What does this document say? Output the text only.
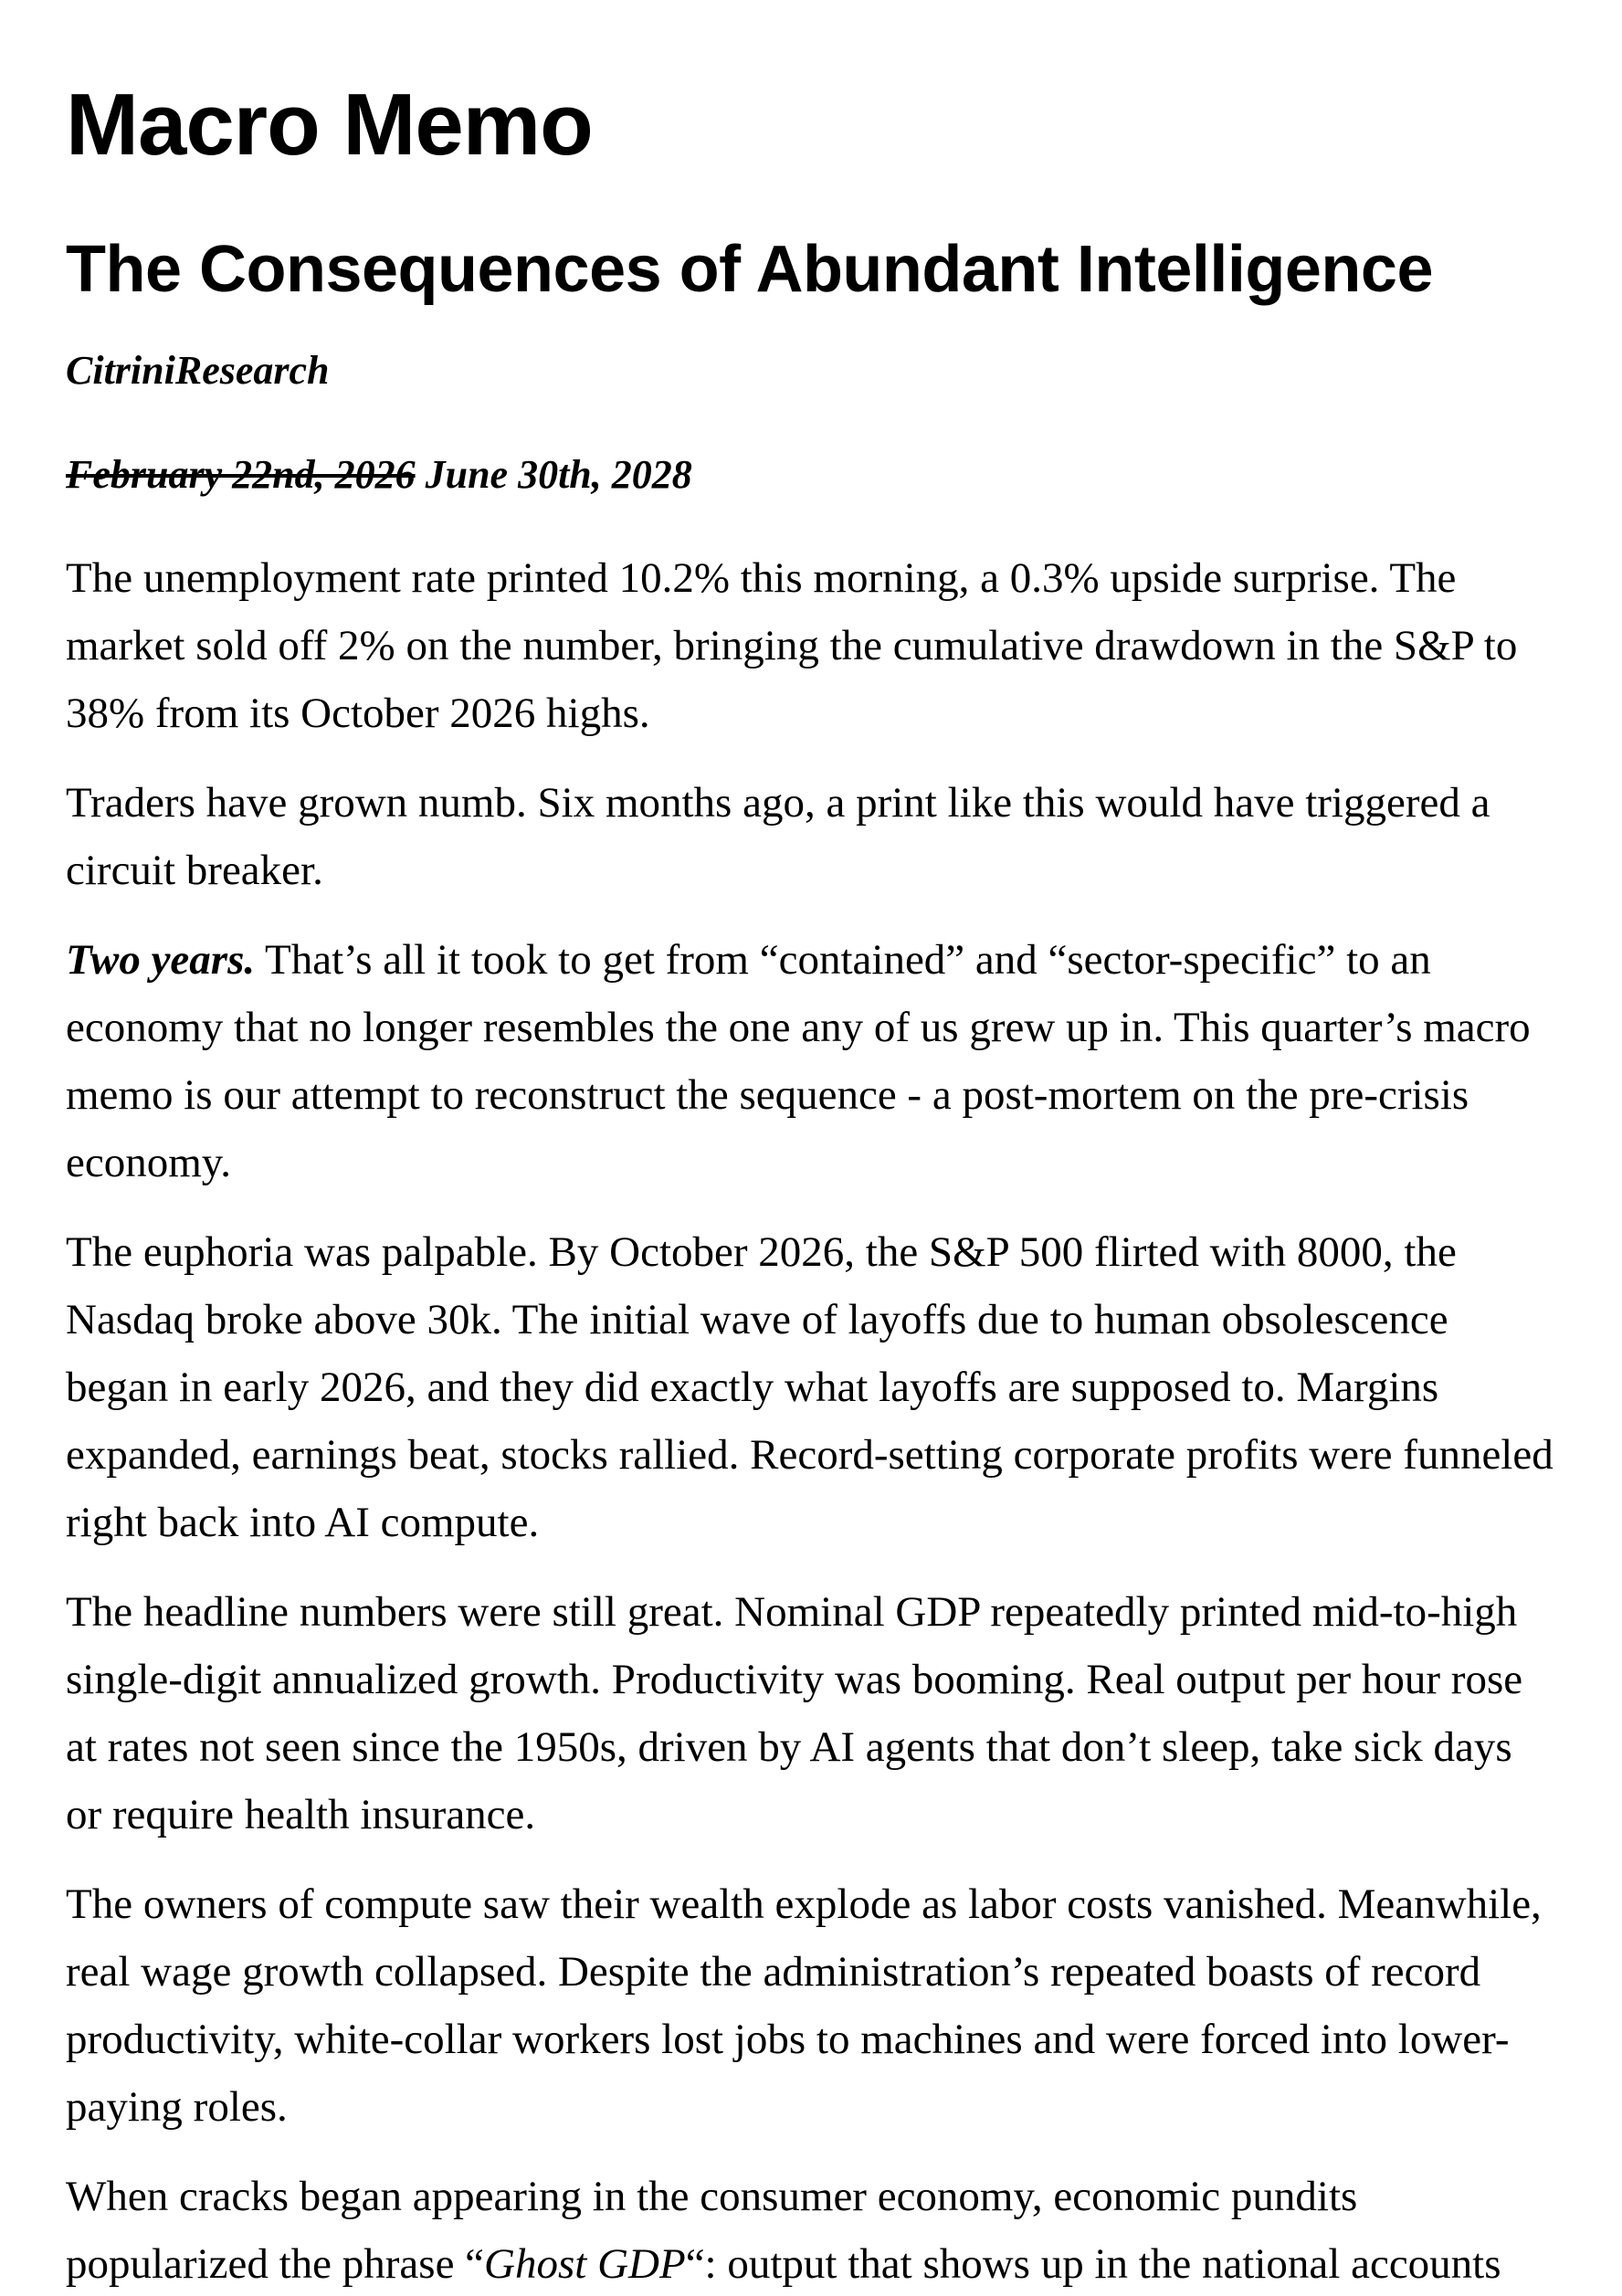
Macro Memo
The Consequences of Abundant Intelligence

CitriniResearch

February 22nd, 2026 June 30th, 2028

The unemployment rate printed 10.2% this morning, a 0.3% upside surprise. The market sold off 2% on the number, bringing the cumulative drawdown in the S&P to 38% from its October 2026 highs.

Traders have grown numb. Six months ago, a print like this would have triggered a circuit breaker.

Two years. That’s all it took to get from “contained” and “sector-specific” to an economy that no longer resembles the one any of us grew up in. This quarter’s macro memo is our attempt to reconstruct the sequence - a post-mortem on the pre-crisis economy.

The euphoria was palpable. By October 2026, the S&P 500 flirted with 8000, the Nasdaq broke above 30k. The initial wave of layoffs due to human obsolescence began in early 2026, and they did exactly what layoffs are supposed to. Margins expanded, earnings beat, stocks rallied. Record-setting corporate profits were funneled right back into AI compute.

The headline numbers were still great. Nominal GDP repeatedly printed mid-to-high single-digit annualized growth. Productivity was booming. Real output per hour rose at rates not seen since the 1950s, driven by AI agents that don’t sleep, take sick days or require health insurance.

The owners of compute saw their wealth explode as labor costs vanished. Meanwhile, real wage growth collapsed. Despite the administration’s repeated boasts of record productivity, white-collar workers lost jobs to machines and were forced into lower-paying roles.

When cracks began appearing in the consumer economy, economic pundits popularized the phrase “Ghost GDP“: output that shows up in the national accounts
